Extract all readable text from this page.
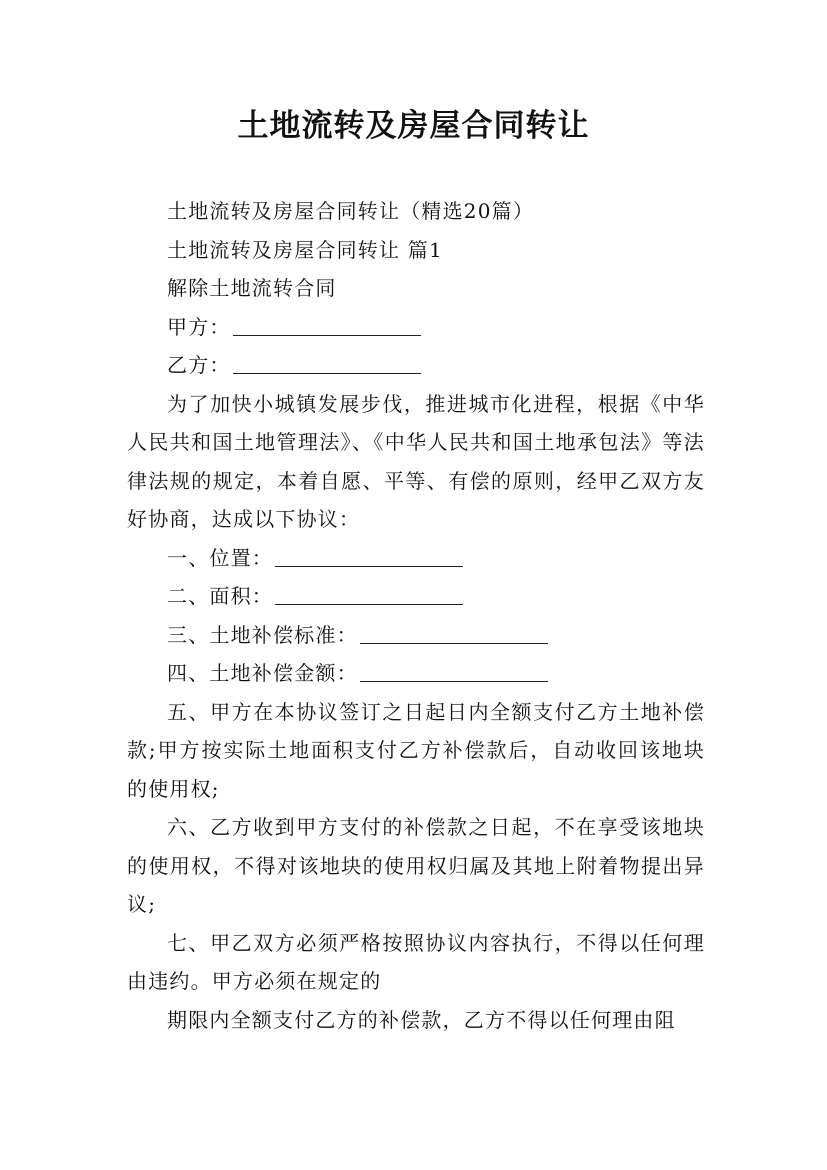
土地流转及房屋合同转让

土地流转及房屋合同转让（精选20篇）

土地流转及房屋合同转让 篇1

解除土地流转合同

甲方：

乙方：

为了加快小城镇发展步伐，推进城市化进程，根据《中华人民共和国土地管理法》、《中华人民共和国土地承包法》等法律法规的规定，本着自愿、平等、有偿的原则，经甲乙双方友好协商，达成以下协议：

一、位置：

二、面积：

三、土地补偿标准：

四、土地补偿金额：

五、甲方在本协议签订之日起日内全额支付乙方土地补偿款;甲方按实际土地面积支付乙方补偿款后，自动收回该地块的使用权;

六、乙方收到甲方支付的补偿款之日起，不在享受该地块的使用权，不得对该地块的使用权归属及其地上附着物提出异议;

七、甲乙双方必须严格按照协议内容执行，不得以任何理由违约。甲方必须在规定的

期限内全额支付乙方的补偿款，乙方不得以任何理由阻
